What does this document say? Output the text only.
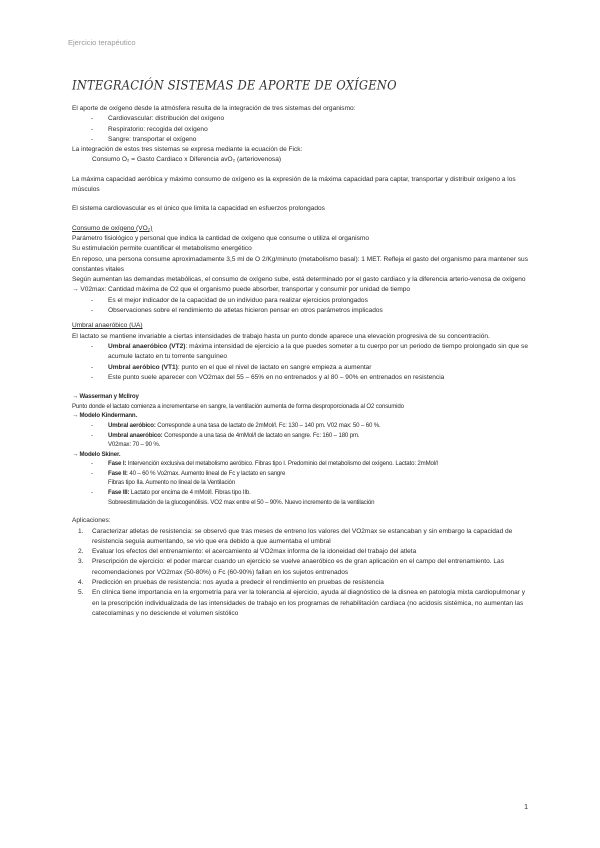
Ejercicio terapéutico
INTEGRACIÓN SISTEMAS DE APORTE DE OXÍGENO

El aporte de oxígeno desde la atmósfera resulta de la integración de tres sistemas del organismo:

- Cardiovascular: distribución del oxígeno
- Respiratorio: recogida del oxígeno
- Sangre: transportar el oxígeno

La integración de estos tres sistemas se expresa mediante la ecuación de Fick:

Consumo O₂ = Gasto Cardiaco x Diferencia avO₂ (arteriovenosa)

La máxima capacidad aeróbica y máximo consumo de oxígeno es la expresión de la máxima capacidad para captar, transportar y distribuir oxígeno a los músculos

El sistema cardiovascular es el único que limita la capacidad en esfuerzos prolongados

Consumo de oxígeno (VO₂)

Parámetro fisiológico y personal que indica la cantidad de oxígeno que consume o utiliza el organismo

Su estimulación permite cuantificar el metabolismo energético

En reposo, una persona consume aproximadamente 3,5 ml de O 2/Kg/minuto (metabolismo basal): 1 MET. Refleja el gasto del organismo para mantener sus constantes vitales

Según aumentan las demandas metabólicas, el consumo de oxígeno sube, está determinado por el gasto cardiaco y la diferencia arterio-venosa de oxígeno

→ V02max: Cantidad máxima de O2 que el organismo puede absorber, transportar y consumir por unidad de tiempo

- Es el mejor indicador de la capacidad de un individuo para realizar ejercicios prolongados
- Observaciones sobre el rendimiento de atletas hicieron pensar en otros parámetros implicados

Umbral anaeróbico (UA)

El lactato se mantiene invariable a ciertas intensidades de trabajo hasta un punto donde aparece una elevación progresiva de su concentración.

- Umbral anaeróbico (VT2): máxima intensidad de ejercicio a la que puedes someter a tu cuerpo por un periodo de tiempo prolongado sin que se acumule lactato en tu torrente sanguíneo
- Umbral aeróbico (VT1): punto en el que el nivel de lactato en sangre empieza a aumentar
- Este punto suele aparecer con VO2max del 55 – 65% en no entrenados y al 80 – 90% en entrenados en resistencia

→ Wasserman y Mcllroy

Punto donde el lactato comienza a incrementarse en sangre, la ventilación aumenta de forma desproporcionada al O2 consumido

→ Modelo Kindermann.

- Umbral aeróbico: Corresponde a una tasa de lactato de 2mMol/l. Fc: 130 – 140 pm. V02 max: 50 – 60 %.
- Umbral anaeróbico: Corresponde a una tasa de 4mMol/l de lactato en sangre. Fc: 160 – 180 pm.

V02max: 70 – 90 %.

→ Modelo Skiner.

- Fase I: Intervención exclusiva del metabolismo aeróbico. Fibras tipo I. Predominio del metabolismo del oxígeno. Lactato: 2mMol/l
- Fase II: 40 – 60 % Vo2max. Aumento lineal de Fc y lactato en sangre
Fibras tipo IIa. Aumento no lineal de la Ventilación
- Fase III: Lactato por encima de 4 mMol/l. Fibras tipo IIb.
Sobreestimulación de la glucogenólisis. VO2 max entre el 50 – 90%. Nuevo incremento de la ventilación

Aplicaciones:

1. Caracterizar atletas de resistencia: se observó que tras meses de entreno los valores del VO2max se estancaban y sin embargo la capacidad de resistencia seguía aumentando, se vio que era debido a que aumentaba el umbral
2. Evaluar los efectos del entrenamiento: el acercamiento al VO2max informa de la idoneidad del trabajo del atleta
3. Prescripción de ejercicio: el poder marcar cuando un ejercicio se vuelve anaeróbico es de gran aplicación en el campo del entrenamiento. Las recomendaciones por VO2max (50-80%) o Fc (60-90%) fallan en los sujetos entrenados
4. Predicción en pruebas de resistencia: nos ayuda a predecir el rendimiento en pruebas de resistencia
5. En clínica tiene importancia en la ergometría para ver la tolerancia al ejercicio, ayuda al diagnóstico de la disnea en patología mixta cardiopulmonar y en la prescripción individualizada de las intensidades de trabajo en los programas de rehabilitación cardiaca (no acidosis sistémica, no aumentan las catecolaminas y no desciende el volumen sistólico
1
